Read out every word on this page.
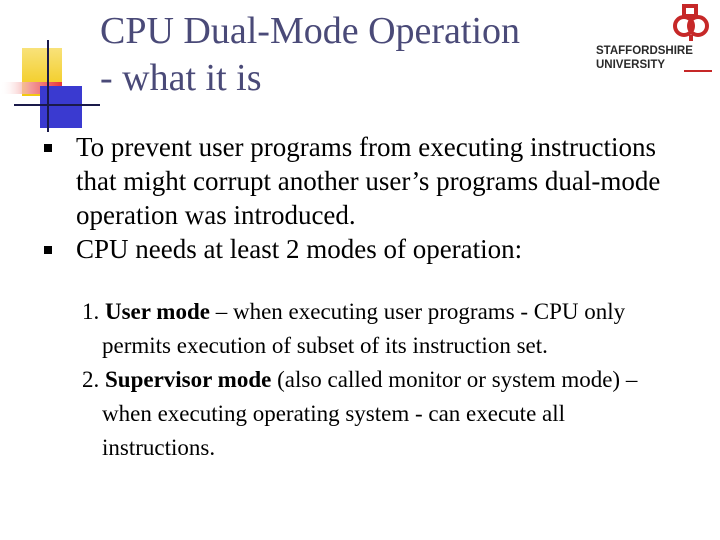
CPU Dual-Mode Operation
- what it is
STAFFORDSHIRE
UNIVERSITY
To prevent user programs from executing instructions that might corrupt another user’s programs dual-mode operation was introduced.
CPU needs at least 2 modes of operation:
1. User mode – when executing user programs - CPU only permits execution of subset of its instruction set.
2. Supervisor mode (also called monitor or system mode) – when executing operating system - can execute all instructions.
